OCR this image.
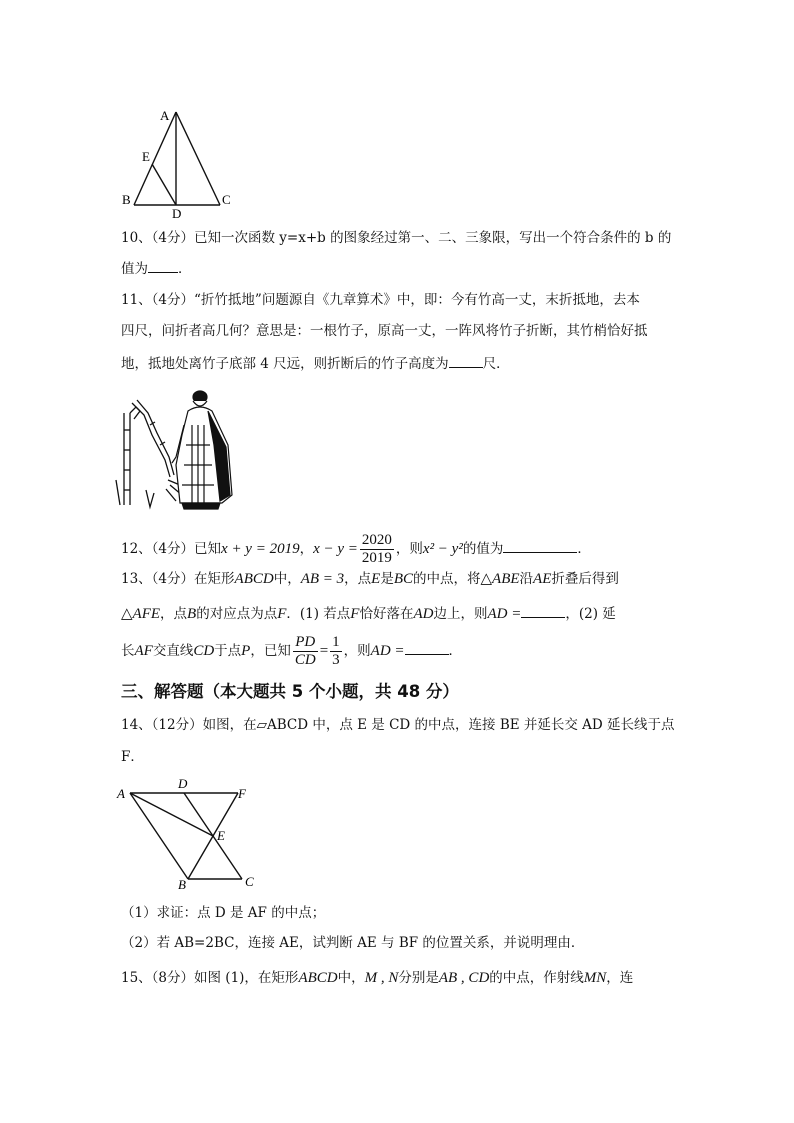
A
E
B
D
C
10、（4分）已知一次函数 y=x+b 的图象经过第一、二、三象限，写出一个符合条件的 b 的
值为 ．
11、（4分）“折竹抵地”问题源自《九章算术》中，即：今有竹高一丈，末折抵地，去本
四尺，问折者高几何？意思是：一根竹子，原高一丈，一阵风将竹子折断，其竹梢恰好抵
地，抵地处离竹子底部 4 尺远，则折断后的竹子高度为	尺．
12、（4分）已知x + y = 2019，$x - y = \frac{2020}{2019}$ ，则x² − y²的值为	．
13、（4分）在矩形ABCD中，AB = 3，点E是BC的中点，将△ABE沿AE折叠后得到
△AFE，点B的对应点为点F．(1) 若点F恰好落在AD边上，则AD =	，(2) 延
长AF交直线CD于点P，已知 $\frac{PD}{CD} = \frac{1}{3}$ ，则AD =	．
三、解答题（本大题共 5 个小题，共 48 分）
14、（12分）如图，在▱ABCD 中，点 E 是 CD 的中点，连接 BE 并延长交 AD 延长线于点
F．
A
D
F
E
B	C
（1）求证：点 D 是 AF 的中点；
（2）若 AB=2BC，连接 AE，试判断 AE 与 BF 的位置关系，并说明理由．
15、（8分）如图 (1)，在矩形ABCD中，M , N分别是AB , CD的中点，作射线MN，连
